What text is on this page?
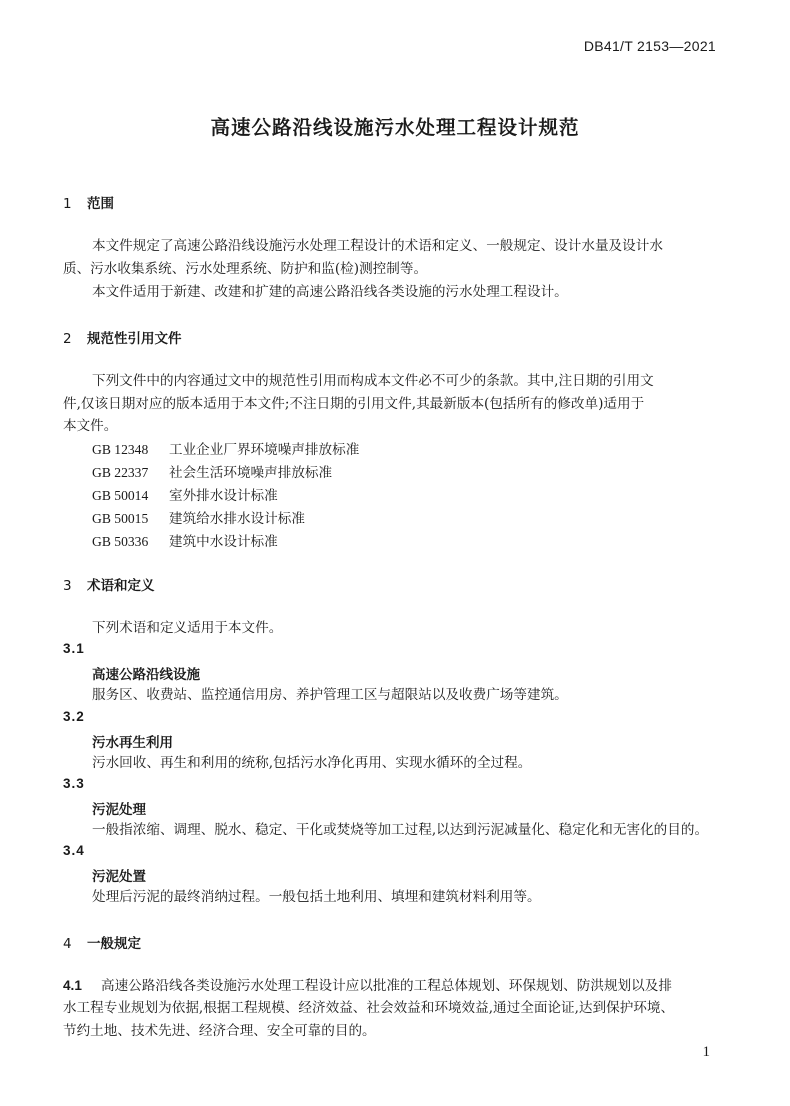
DB41/T 2153—2021
高速公路沿线设施污水处理工程设计规范
1 范围
本文件规定了高速公路沿线设施污水处理工程设计的术语和定义、一般规定、设计水量及设计水
质、污水收集系统、污水处理系统、防护和监(检)测控制等。
本文件适用于新建、改建和扩建的高速公路沿线各类设施的污水处理工程设计。
2 规范性引用文件
下列文件中的内容通过文中的规范性引用而构成本文件必不可少的条款。其中,注日期的引用文
件,仅该日期对应的版本适用于本文件;不注日期的引用文件,其最新版本(包括所有的修改单)适用于
本文件。
GB 12348 工业企业厂界环境噪声排放标准
GB 22337 社会生活环境噪声排放标准
GB 50014 室外排水设计标准
GB 50015 建筑给水排水设计标准
GB 50336 建筑中水设计标准
3 术语和定义
下列术语和定义适用于本文件。
3.1
高速公路沿线设施
服务区、收费站、监控通信用房、养护管理工区与超限站以及收费广场等建筑。
3.2
污水再生利用
污水回收、再生和利用的统称,包括污水净化再用、实现水循环的全过程。
3.3
污泥处理
一般指浓缩、调理、脱水、稳定、干化或焚烧等加工过程,以达到污泥减量化、稳定化和无害化的目的。
3.4
污泥处置
处理后污泥的最终消纳过程。一般包括土地利用、填埋和建筑材料利用等。
4 一般规定
4.1 高速公路沿线各类设施污水处理工程设计应以批准的工程总体规划、环保规划、防洪规划以及排
水工程专业规划为依据,根据工程规模、经济效益、社会效益和环境效益,通过全面论证,达到保护环境、
节约土地、技术先进、经济合理、安全可靠的目的。
1
